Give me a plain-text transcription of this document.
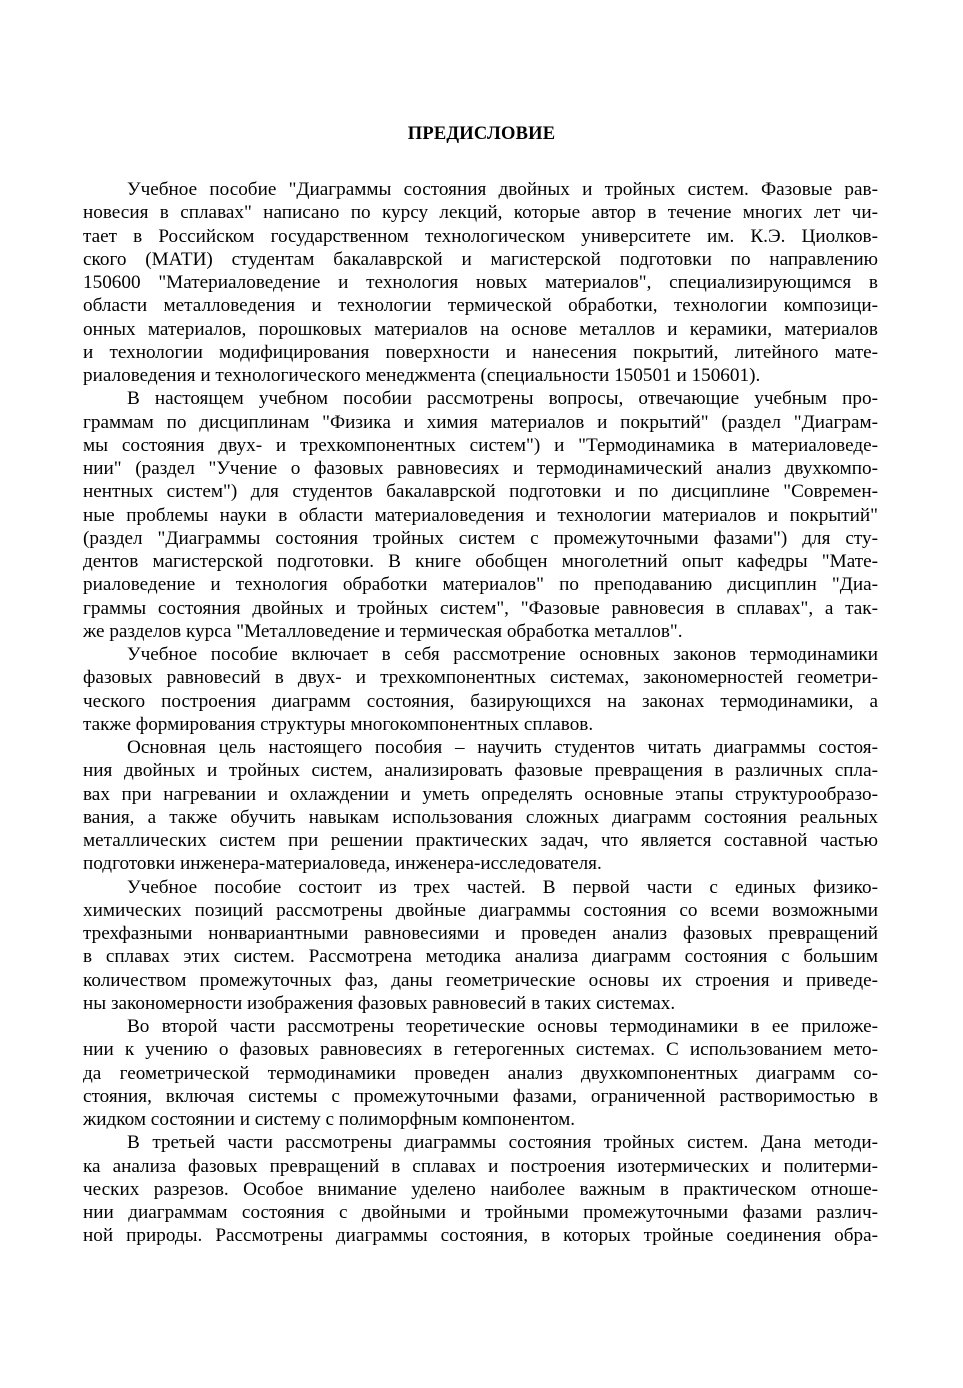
ПРЕДИСЛОВИЕ
Учебное пособие "Диаграммы состояния двойных и тройных систем. Фазовые рав-
новесия в сплавах" написано по курсу лекций, которые автор в течение многих лет чи-
тает в Российском государственном технологическом университете им. К.Э. Циолков-
ского (МАТИ) студентам бакалаврской и магистерской подготовки по направлению
150600 "Материаловедение и технология новых материалов", специализирующимся в
области металловедения и технологии термической обработки, технологии композици-
онных материалов, порошковых материалов на основе металлов и керамики, материалов
и технологии модифицирования поверхности и нанесения покрытий, литейного мате-
риаловедения и технологического менеджмента (специальности 150501 и 150601).
В настоящем учебном пособии рассмотрены вопросы, отвечающие учебным про-
граммам по дисциплинам "Физика и химия материалов и покрытий" (раздел "Диаграм-
мы состояния двух- и трехкомпонентных систем") и "Термодинамика в материаловеде-
нии" (раздел "Учение о фазовых равновесиях и термодинамический анализ двухкомпо-
нентных систем") для студентов бакалаврской подготовки и по дисциплине "Современ-
ные проблемы науки в области материаловедения и технологии материалов и покрытий"
(раздел "Диаграммы состояния тройных систем с промежуточными фазами") для сту-
дентов магистерской подготовки. В книге обобщен многолетний опыт кафедры "Мате-
риаловедение и технология обработки материалов" по преподаванию дисциплин "Диа-
граммы состояния двойных и тройных систем", "Фазовые равновесия в сплавах", а так-
же разделов курса "Металловедение и термическая обработка металлов".
Учебное пособие включает в себя рассмотрение основных законов термодинамики
фазовых равновесий в двух- и трехкомпонентных системах, закономерностей геометри-
ческого построения диаграмм состояния, базирующихся на законах термодинамики, а
также формирования структуры многокомпонентных сплавов.
Основная цель настоящего пособия – научить студентов читать диаграммы состоя-
ния двойных и тройных систем, анализировать фазовые превращения в различных спла-
вах при нагревании и охлаждении и уметь определять основные этапы структурообразо-
вания, а также обучить навыкам использования сложных диаграмм состояния реальных
металлических систем при решении практических задач, что является составной частью
подготовки инженера-материаловеда, инженера-исследователя.
Учебное пособие состоит из трех частей. В первой части с единых физико-
химических позиций рассмотрены двойные диаграммы состояния со всеми возможными
трехфазными нонвариантными равновесиями и проведен анализ фазовых превращений
в сплавах этих систем. Рассмотрена методика анализа диаграмм состояния с большим
количеством промежуточных фаз, даны геометрические основы их строения и приведе-
ны закономерности изображения фазовых равновесий в таких системах.
Во второй части рассмотрены теоретические основы термодинамики в ее приложе-
нии к учению о фазовых равновесиях в гетерогенных системах. С использованием мето-
да геометрической термодинамики проведен анализ двухкомпонентных диаграмм со-
стояния, включая системы с промежуточными фазами, ограниченной растворимостью в
жидком состоянии и систему с полиморфным компонентом.
В третьей части рассмотрены диаграммы состояния тройных систем. Дана методи-
ка анализа фазовых превращений в сплавах и построения изотермических и политерми-
ческих разрезов. Особое внимание уделено наиболее важным в практическом отноше-
нии диаграммам состояния с двойными и тройными промежуточными фазами различ-
ной природы. Рассмотрены диаграммы состояния, в которых тройные соединения обра-
